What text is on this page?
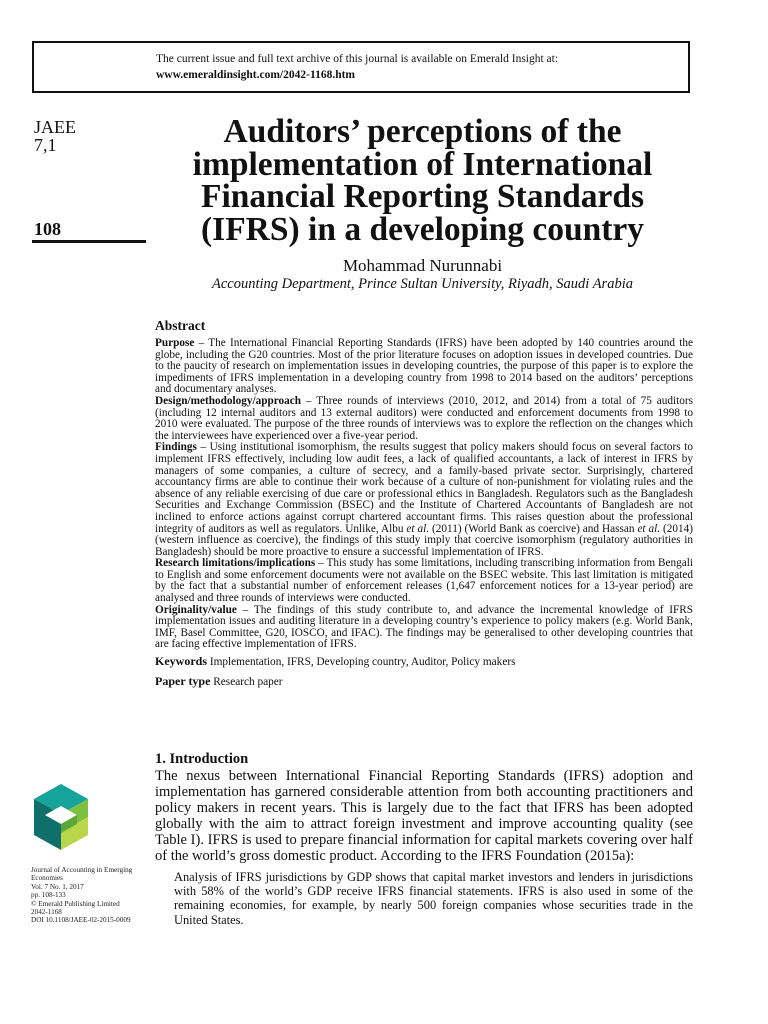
The current issue and full text archive of this journal is available on Emerald Insight at:
www.emeraldinsight.com/2042-1168.htm
JAEE
7,1
108
Auditors’ perceptions of the
implementation of International
Financial Reporting Standards
(IFRS) in a developing country
Mohammad Nurunnabi
Accounting Department, Prince Sultan University, Riyadh, Saudi Arabia
Abstract

Purpose – The International Financial Reporting Standards (IFRS) have been adopted by 140 countries around the globe, including the G20 countries. Most of the prior literature focuses on adoption issues in developed countries. Due to the paucity of research on implementation issues in developing countries, the purpose of this paper is to explore the impediments of IFRS implementation in a developing country from 1998 to 2014 based on the auditors’ perceptions and documentary analyses.

Design/methodology/approach – Three rounds of interviews (2010, 2012, and 2014) from a total of 75 auditors (including 12 internal auditors and 13 external auditors) were conducted and enforcement documents from 1998 to 2010 were evaluated. The purpose of the three rounds of interviews was to explore the reflection on the changes which the interviewees have experienced over a five-year period.

Findings – Using institutional isomorphism, the results suggest that policy makers should focus on several factors to implement IFRS effectively, including low audit fees, a lack of qualified accountants, a lack of interest in IFRS by managers of some companies, a culture of secrecy, and a family-based private sector. Surprisingly, chartered accountancy firms are able to continue their work because of a culture of non-punishment for violating rules and the absence of any reliable exercising of due care or professional ethics in Bangladesh. Regulators such as the Bangladesh Securities and Exchange Commission (BSEC) and the Institute of Chartered Accountants of Bangladesh are not inclined to enforce actions against corrupt chartered accountant firms. This raises question about the professional integrity of auditors as well as regulators. Unlike, Albu et al. (2011) (World Bank as coercive) and Hassan et al. (2014) (western influence as coercive), the findings of this study imply that coercive isomorphism (regulatory authorities in Bangladesh) should be more proactive to ensure a successful implementation of IFRS.

Research limitations/implications – This study has some limitations, including transcribing information from Bengali to English and some enforcement documents were not available on the BSEC website. This last limitation is mitigated by the fact that a substantial number of enforcement releases (1,647 enforcement notices for a 13-year period) are analysed and three rounds of interviews were conducted.

Originality/value – The findings of this study contribute to, and advance the incremental knowledge of IFRS implementation issues and auditing literature in a developing country’s experience to policy makers (e.g. World Bank, IMF, Basel Committee, G20, IOSCO, and IFAC). The findings may be generalised to other developing countries that are facing effective implementation of IFRS.

Keywords Implementation, IFRS, Developing country, Auditor, Policy makers
Paper type Research paper
1. Introduction

The nexus between International Financial Reporting Standards (IFRS) adoption and implementation has garnered considerable attention from both accounting practitioners and policy makers in recent years. This is largely due to the fact that IFRS has been adopted globally with the aim to attract foreign investment and improve accounting quality (see Table I). IFRS is used to prepare financial information for capital markets covering over half of the world’s gross domestic product. According to the IFRS Foundation (2015a):

Analysis of IFRS jurisdictions by GDP shows that capital market investors and lenders in jurisdictions with 58% of the world’s GDP receive IFRS financial statements. IFRS is also used in some of the remaining economies, for example, by nearly 500 foreign companies whose securities trade in the United States.

Journal of Accounting in Emerging
Economies
Vol. 7 No. 1, 2017
pp. 108-133
© Emerald Publishing Limited
2042-1168
DOI 10.1108/JAEE-02-2015-0009
